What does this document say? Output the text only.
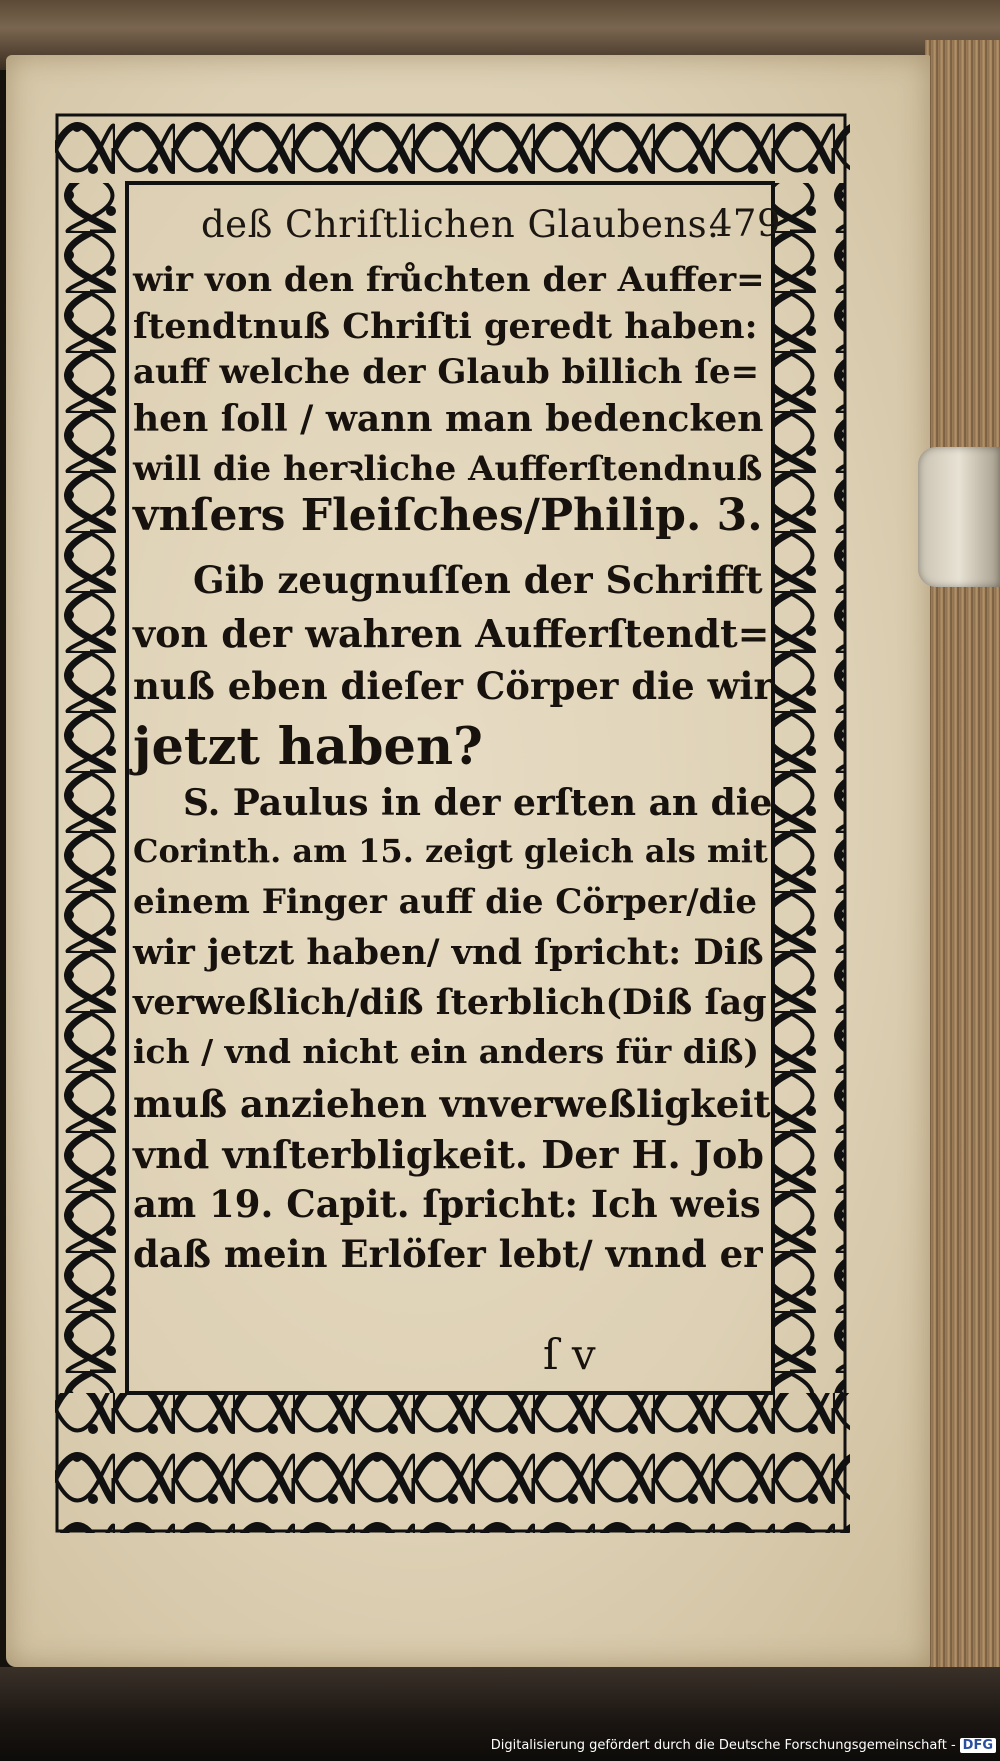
deß Chriſtlichen Glaubens.
479
wir von den frůchten der Auffer=
ſtendtnuß Chriſti geredt haben:
auff welche der Glaub billich ſe=
hen ſoll / wann man bedencken
will die herꝛliche Aufferſtendnuß
vnſers Fleiſches/Philip. 3.
Gib zeugnuſſen der Schrifft
von der wahren Aufferſtendt=
nuß eben dieſer Cörper die wir
jetzt haben?
S. Paulus in der erſten an die
Corinth. am 15. zeigt gleich als mit
einem Finger auff die Cörper/die
wir jetzt haben/ vnd ſpricht: Diß
verweßlich/diß ſterblich(Diß ſag
ich / vnd nicht ein anders für diß)
muß anziehen vnverweßligkeit
vnd vnſterbligkeit. Der H. Job
am 19. Capit. ſpricht: Ich weis
daß mein Erlöſer lebt/ vnnd er
ſ v
Digitalisierung gefördert durch die Deutsche Forschungsgemeinschaft - DFG
